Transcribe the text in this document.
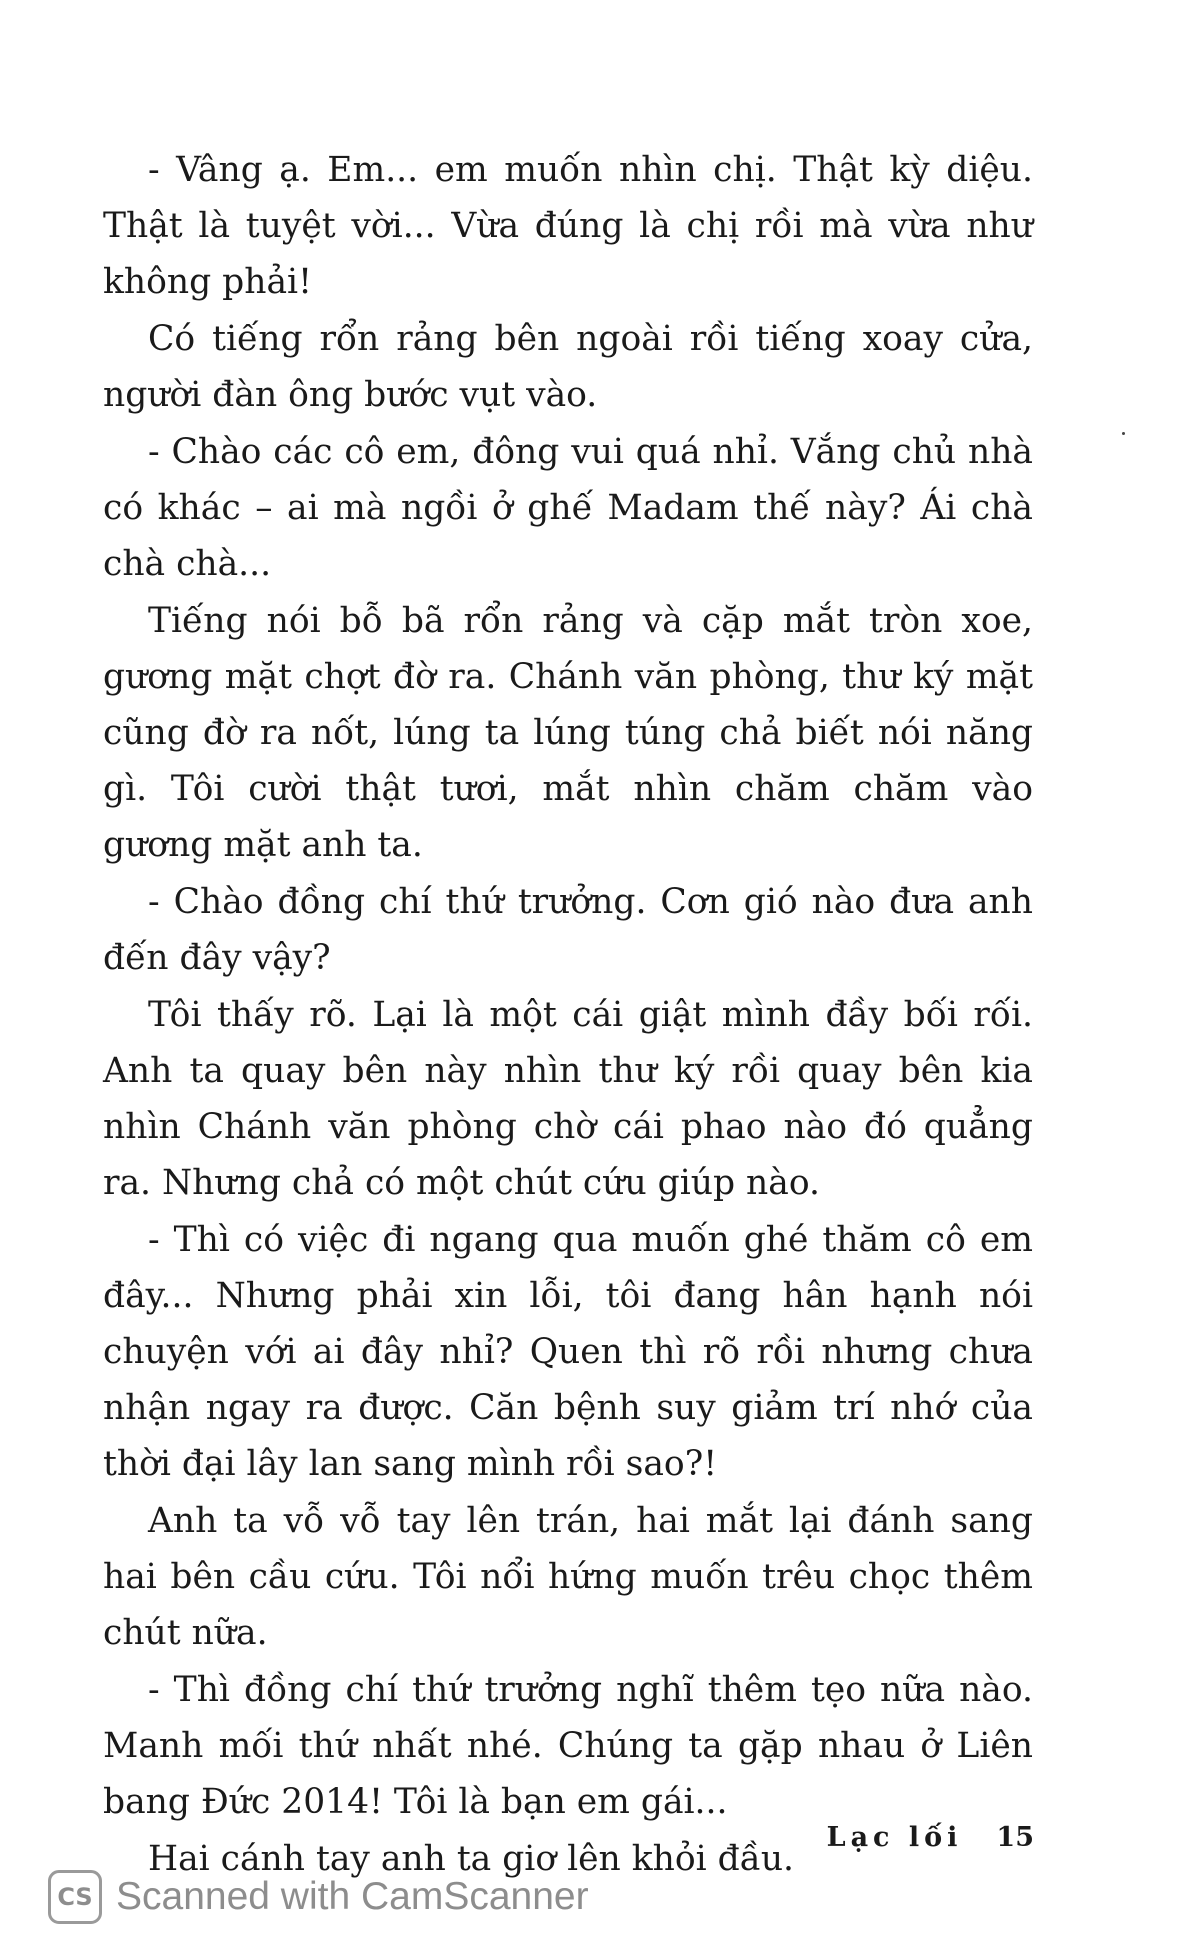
- Vâng ạ. Em... em muốn nhìn chị. Thật kỳ diệu. Thật là tuyệt vời... Vừa đúng là chị rồi mà vừa như không phải!

Có tiếng rổn rảng bên ngoài rồi tiếng xoay cửa, người đàn ông bước vụt vào.

- Chào các cô em, đông vui quá nhỉ. Vắng chủ nhà có khác – ai mà ngồi ở ghế Madam thế này? Ái chà chà chà...

Tiếng nói bỗ bã rổn rảng và cặp mắt tròn xoe, gương mặt chợt đờ ra. Chánh văn phòng, thư ký mặt cũng đờ ra nốt, lúng ta lúng túng chả biết nói năng gì. Tôi cười thật tươi, mắt nhìn chăm chăm vào gương mặt anh ta.

- Chào đồng chí thứ trưởng. Cơn gió nào đưa anh đến đây vậy?

Tôi thấy rõ. Lại là một cái giật mình đầy bối rối. Anh ta quay bên này nhìn thư ký rồi quay bên kia nhìn Chánh văn phòng chờ cái phao nào đó quẳng ra. Nhưng chả có một chút cứu giúp nào.

- Thì có việc đi ngang qua muốn ghé thăm cô em đây... Nhưng phải xin lỗi, tôi đang hân hạnh nói chuyện với ai đây nhỉ? Quen thì rõ rồi nhưng chưa nhận ngay ra được. Căn bệnh suy giảm trí nhớ của thời đại lây lan sang mình rồi sao?!

Anh ta vỗ vỗ tay lên trán, hai mắt lại đánh sang hai bên cầu cứu. Tôi nổi hứng muốn trêu chọc thêm chút nữa.

- Thì đồng chí thứ trưởng nghĩ thêm tẹo nữa nào. Manh mối thứ nhất nhé. Chúng ta gặp nhau ở Liên bang Đức 2014! Tôi là bạn em gái...

Hai cánh tay anh ta giơ lên khỏi đầu.

Lạc lối 15
CS Scanned with CamScanner
